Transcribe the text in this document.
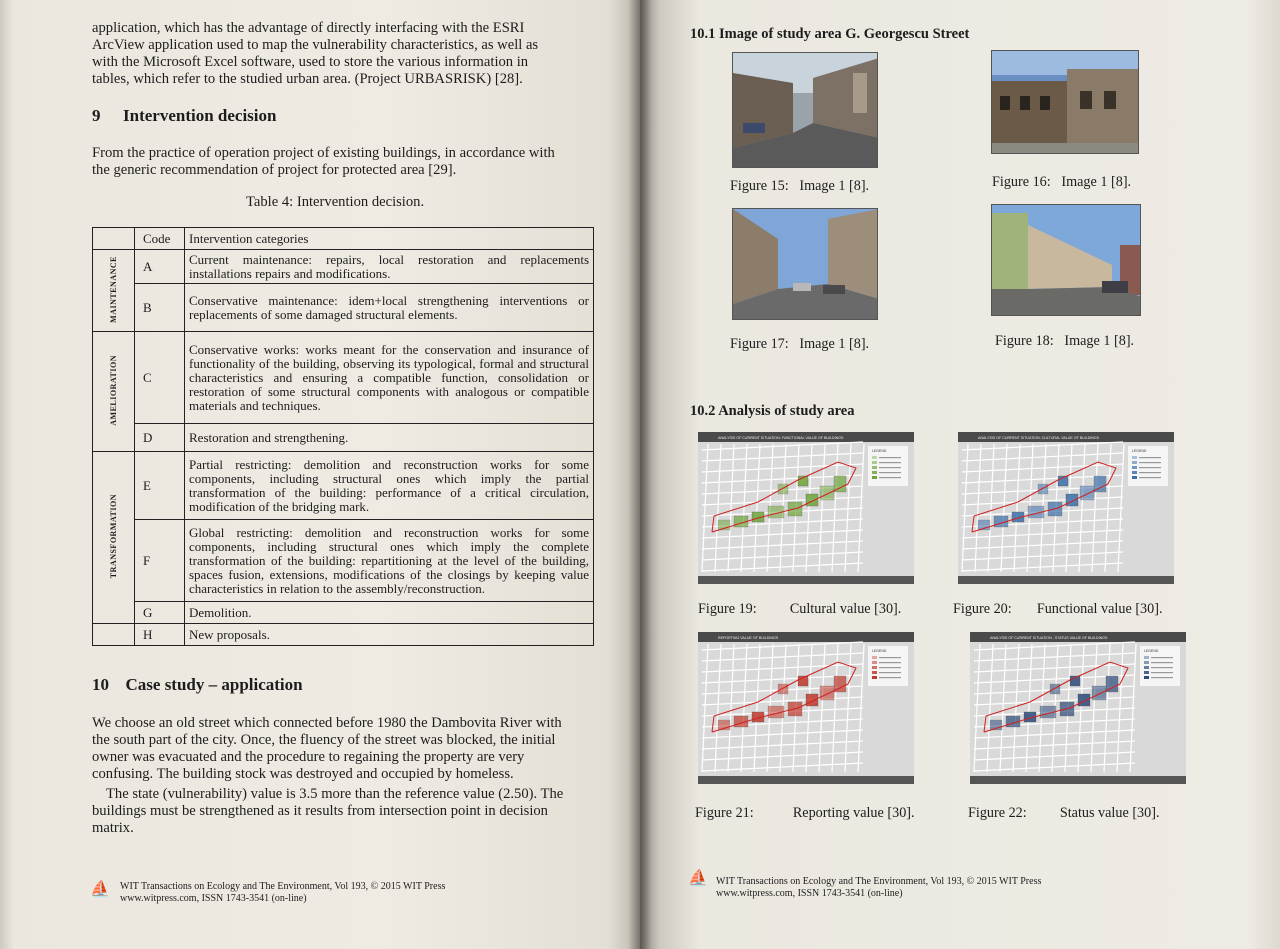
application, which has the advantage of directly interfacing with the ESRI
ArcView application used to map the vulnerability characteristics, as well as
with the Microsoft Excel software, used to store the various information in
tables, which refer to the studied urban area. (Project URBASRISK) [28].
9 Intervention decision
From the practice of operation project of existing buildings, in accordance with
the generic recommendation of project for protected area [29].
Table 4: Intervention decision.
	Code	Intervention categories
MAINTENANCE	A	Current maintenance: repairs, local restoration and replacements installations repairs and modifications.
	B	Conservative maintenance: idem+local strengthening interventions or replacements of some damaged structural elements.
AMELIORATION	C	Conservative works: works meant for the conservation and insurance of functionality of the building, observing its typological, formal and structural characteristics and ensuring a compatible function, consolidation or restoration of some structural components with analogous or compatible materials and techniques.
	D	Restoration and strengthening.
TRANSFORMATION	E	Partial restricting: demolition and reconstruction works for some components, including structural ones which imply the partial transformation of the building: performance of a critical circulation, modification of the bridging mark.
	F	Global restricting: demolition and reconstruction works for some components, including structural ones which imply the complete transformation of the building: repartitioning at the level of the building, spaces fusion, extensions, modifications of the closings by keeping value characteristics in relation to the assembly/reconstruction.
	G	Demolition.
	H	New proposals.
10 Case study – application
We choose an old street which connected before 1980 the Dambovita River with
the south part of the city. Once, the fluency of the street was blocked, the initial
owner was evacuated and the procedure to regaining the property are very
confusing. The building stock was destroyed and occupied by homeless.
The state (vulnerability) value is 3.5 more than the reference value (2.50). The
buildings must be strengthened as it results from intersection point in decision
matrix.
⛵ WIT Transactions on Ecology and The Environment, Vol 193, © 2015 WIT Press
www.witpress.com, ISSN 1743-3541 (on-line)
10.1 Image of study area G. Georgescu Street
Figure 15: Image 1 [8].	Figure 16: Image 1 [8].
Figure 17: Image 1 [8].	Figure 18: Image 1 [8].
10.2 Analysis of study area
ANALYSIS OF CURRENT SITUATION: FUNCTIONAL VALUE OF BUILDINGS
LEGEND
Figure 19: Cultural value [30].
ANALYSIS OF CURRENT SITUATION: CULTURAL VALUE OF BUILDINGS
LEGEND
Figure 20: Functional value [30].
REPORTING VALUE OF BUILDINGS
LEGEND
Figure 21:	Reporting value [30].
ANALYSIS OF CURRENT SITUATION - STATUS VALUE OF BUILDINGS
LEGEND
Figure 22: Status value [30].
⛵ WIT Transactions on Ecology and The Environment, Vol 193, © 2015 WIT Press
www.witpress.com, ISSN 1743-3541 (on-line)
